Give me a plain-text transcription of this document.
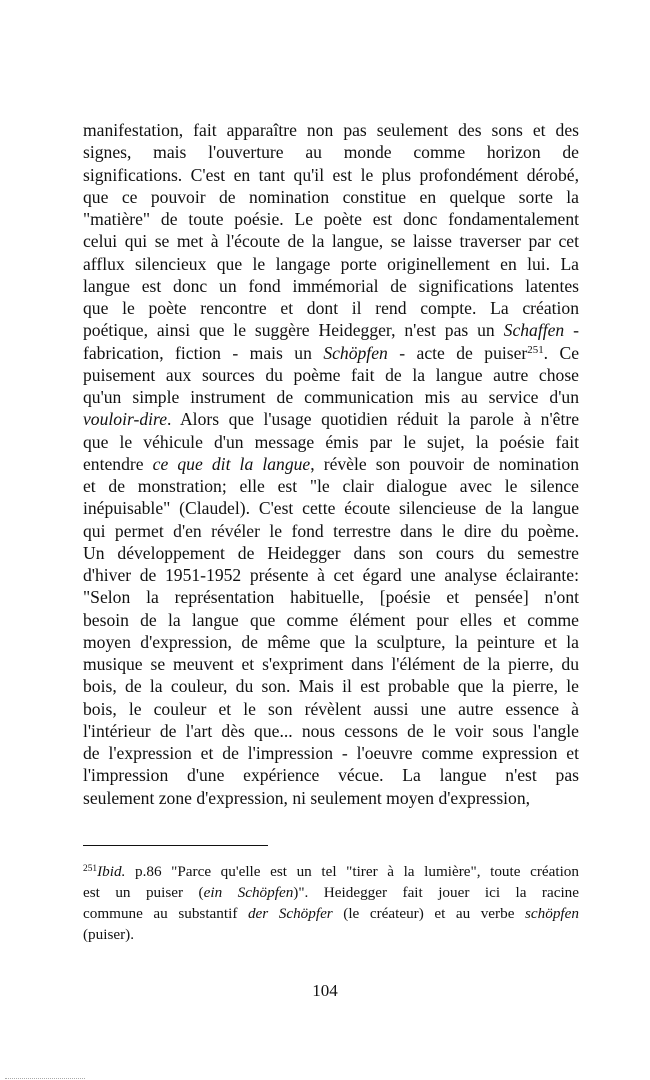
manifestation, fait apparaître non pas seulement des sons et des
signes, mais l'ouverture au monde comme horizon de
significations. C'est en tant qu'il est le plus profondément dérobé,
que ce pouvoir de nomination constitue en quelque sorte la
"matière" de toute poésie. Le poète est donc fondamentalement
celui qui se met à l'écoute de la langue, se laisse traverser par cet
afflux silencieux que le langage porte originellement en lui. La
langue est donc un fond immémorial de significations latentes
que le poète rencontre et dont il rend compte. La création
poétique, ainsi que le suggère Heidegger, n'est pas un Schaffen -
fabrication, fiction - mais un Schöpfen - acte de puiser$^{251}$. Ce
puisement aux sources du poème fait de la langue autre chose
qu'un simple instrument de communication mis au service d'un
vouloir-dire. Alors que l'usage quotidien réduit la parole à n'être
que le véhicule d'un message émis par le sujet, la poésie fait
entendre ce que dit la langue, révèle son pouvoir de nomination
et de monstration; elle est "le clair dialogue avec le silence
inépuisable" (Claudel). C'est cette écoute silencieuse de la langue
qui permet d'en révéler le fond terrestre dans le dire du poème.
Un développement de Heidegger dans son cours du semestre
d'hiver de 1951-1952 présente à cet égard une analyse éclairante:
"Selon la représentation habituelle, [poésie et pensée] n'ont
besoin de la langue que comme élément pour elles et comme
moyen d'expression, de même que la sculpture, la peinture et la
musique se meuvent et s'expriment dans l'élément de la pierre, du
bois, de la couleur, du son. Mais il est probable que la pierre, le
bois, le couleur et le son révèlent aussi une autre essence à
l'intérieur de l'art dès que... nous cessons de le voir sous l'angle
de l'expression et de l'impression - l'oeuvre comme expression et
l'impression d'une expérience vécue. La langue n'est pas
seulement zone d'expression, ni seulement moyen d'expression,
$^{251}$Ibid. p.86 "Parce qu'elle est un tel "tirer à la lumière", toute création
est un puiser (ein Schöpfen)". Heidegger fait jouer ici la racine
commune au substantif der Schöpfer (le créateur) et au verbe schöpfen
(puiser).
104
